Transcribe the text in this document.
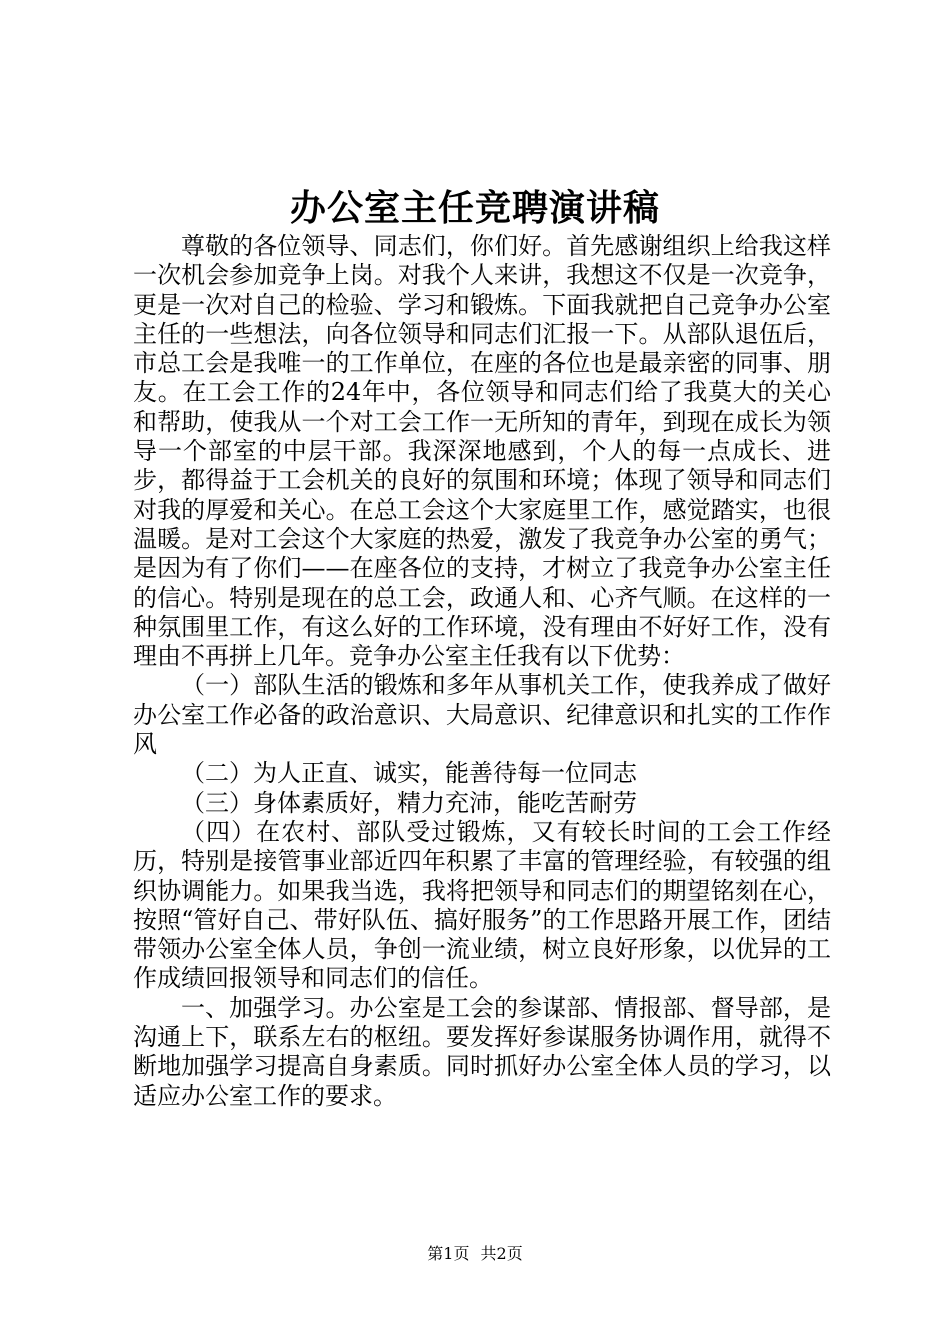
办公室主任竞聘演讲稿

尊敬的各位领导、同志们，你们好。首先感谢组织上给我这样一次机会参加竞争上岗。对我个人来讲，我想这不仅是一次竞争，更是一次对自己的检验、学习和锻炼。下面我就把自己竞争办公室主任的一些想法，向各位领导和同志们汇报一下。从部队退伍后，市总工会是我唯一的工作单位，在座的各位也是最亲密的同事、朋友。在工会工作的24年中，各位领导和同志们给了我莫大的关心和帮助，使我从一个对工会工作一无所知的青年，到现在成长为领导一个部室的中层干部。我深深地感到，个人的每一点成长、进步，都得益于工会机关的良好的氛围和环境；体现了领导和同志们对我的厚爱和关心。在总工会这个大家庭里工作，感觉踏实，也很温暖。是对工会这个大家庭的热爱，激发了我竞争办公室的勇气；是因为有了你们——在座各位的支持，才树立了我竞争办公室主任的信心。特别是现在的总工会，政通人和、心齐气顺。在这样的一种氛围里工作，有这么好的工作环境，没有理由不好好工作，没有理由不再拼上几年。竞争办公室主任我有以下优势：

（一）部队生活的锻炼和多年从事机关工作，使我养成了做好办公室工作必备的政治意识、大局意识、纪律意识和扎实的工作作风

（二）为人正直、诚实，能善待每一位同志

（三）身体素质好，精力充沛，能吃苦耐劳

（四）在农村、部队受过锻炼，又有较长时间的工会工作经历，特别是接管事业部近四年积累了丰富的管理经验，有较强的组织协调能力。如果我当选，我将把领导和同志们的期望铭刻在心，按照“管好自己、带好队伍、搞好服务”的工作思路开展工作，团结带领办公室全体人员，争创一流业绩，树立良好形象，以优异的工作成绩回报领导和同志们的信任。

一、加强学习。办公室是工会的参谋部、情报部、督导部，是沟通上下，联系左右的枢纽。要发挥好参谋服务协调作用，就得不断地加强学习提高自身素质。同时抓好办公室全体人员的学习，以适应办公室工作的要求。

第1页 共2页
